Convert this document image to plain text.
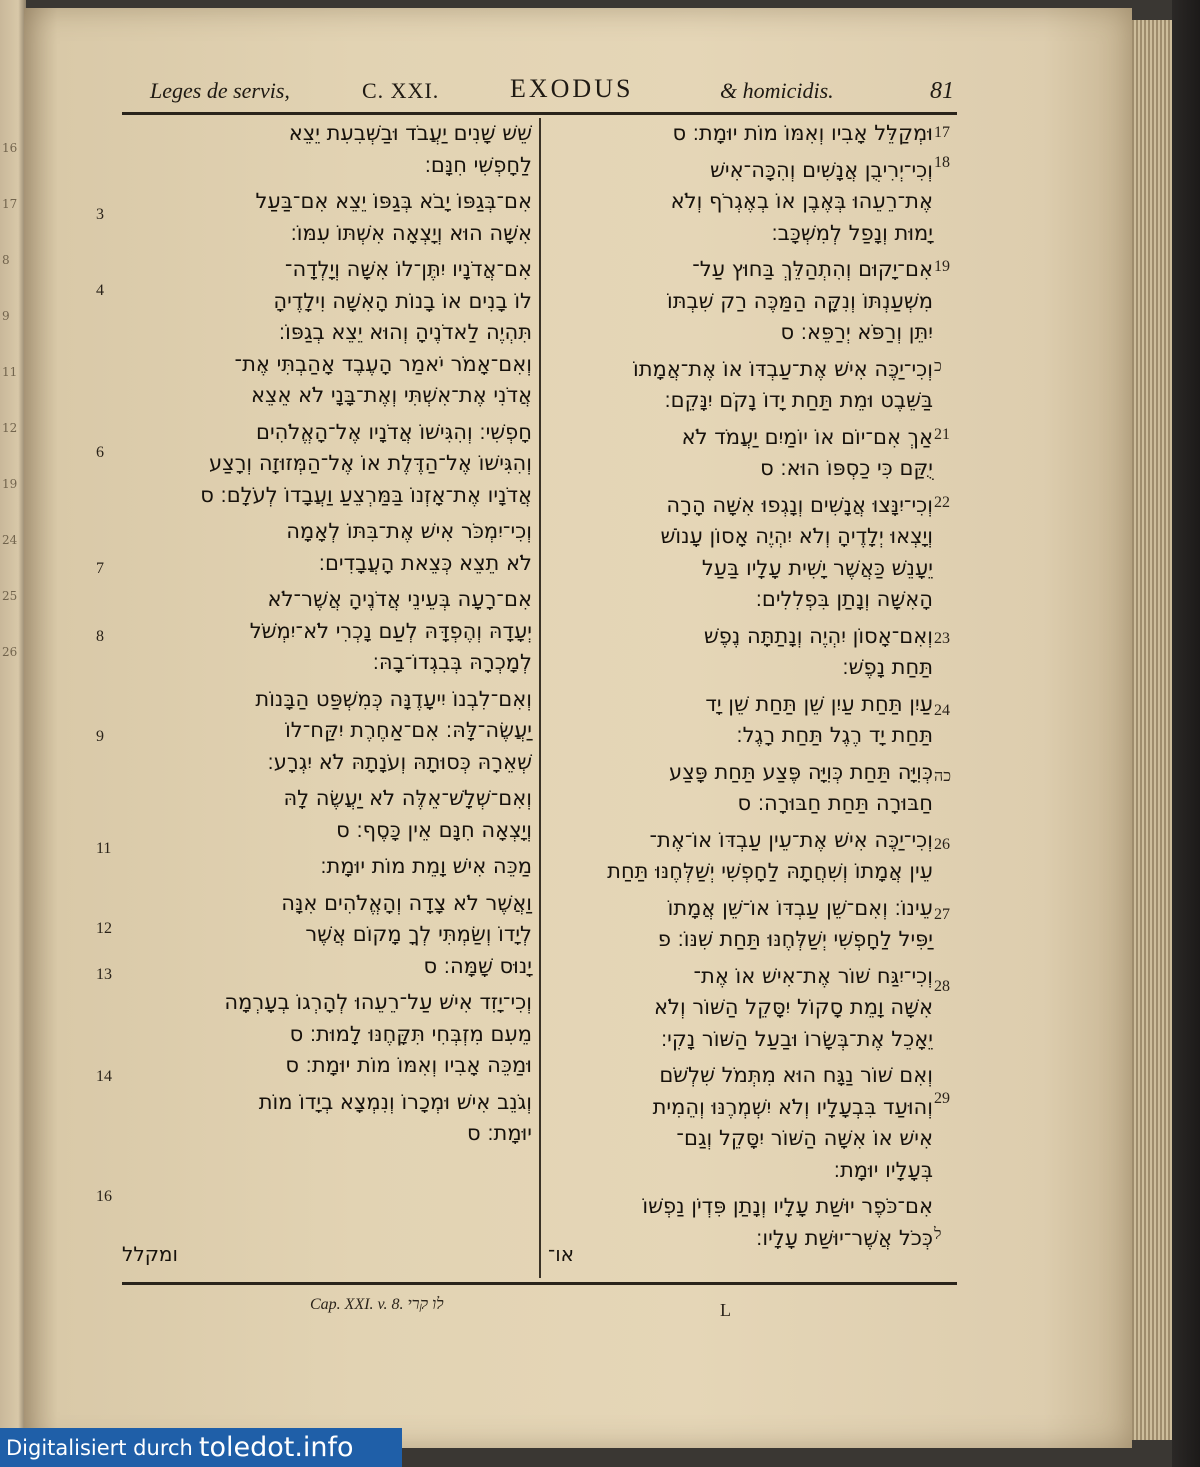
16
17
8
9
11
12
19
24
25
26
Leges de servis,	C. XXI.	EXODUS	& homicidis.	81

שֵׁשׁ שָׁנִים יַעֲבֹד וּבַשְּׁבִעִת יֵצֵא
לַחָפְשִׁי חִנָּם׃

אִם־בְּגַפּוֹ יָבֹא בְּגַפּוֹ יֵצֵא אִם־בַּעַל
אִשָּׁה הוּא וְיָצְאָה אִשְׁתּוֹ עִמּוֹ׃

אִם־אֲדֹנָיו יִתֶּן־לוֹ אִשָּׁה וְיָלְדָה־
לוֹ בָנִים אוֹ בָנוֹת הָאִשָּׁה וִילָדֶיהָ
תִּהְיֶה לַאדֹנֶיהָ וְהוּא יֵצֵא בְגַפּוֹ׃
וְאִם־אָמֹר יֹאמַר הָעֶבֶד אָהַבְתִּי אֶת־
אֲדֹנִי אֶת־אִשְׁתִּי וְאֶת־בָּנָי לֹא אֵצֵא

חָפְשִׁי׃ וְהִגִּישׁוֹ אֲדֹנָיו אֶל־הָאֱלֹהִים
וְהִגִּישׁוֹ אֶל־הַדֶּלֶת אוֹ אֶל־הַמְּזוּזָה וְרָצַע
אֲדֹנָיו אֶת־אָזְנוֹ בַּמַּרְצֵעַ וַעֲבָדוֹ לְעֹלָם׃ ס

וְכִי־יִמְכֹּר אִישׁ אֶת־בִּתּוֹ לְאָמָה
לֹא תֵצֵא כְּצֵאת הָעֲבָדִים׃

אִם־רָעָה בְּעֵינֵי אֲדֹנֶיהָ אֲשֶׁר־לֹא
יְעָדָהּ וְהֶפְדָּהּ לְעַם נָכְרִי לֹא־יִמְשֹׁל
לְמָכְרָהּ בְּבִגְדוֹ־בָהּ׃

וְאִם־לִבְנוֹ יִיעָדֶנָּה כְּמִשְׁפַּט הַבָּנוֹת
יַעֲשֶׂה־לָּהּ׃ אִם־אַחֶרֶת יִקַּח־לוֹ
שְׁאֵרָהּ כְּסוּתָהּ וְעֹנָתָהּ לֹא יִגְרָע׃

וְאִם־שְׁלָשׁ־אֵלֶּה לֹא יַעֲשֶׂה לָהּ
וְיָצְאָה חִנָּם אֵין כָּסֶף׃ ס

מַכֵּה אִישׁ וָמֵת מוֹת יוּמָת׃

וַאֲשֶׁר לֹא צָדָה וְהָאֱלֹהִים אִנָּה
לְיָדוֹ וְשַׂמְתִּי לְךָ מָקוֹם אֲשֶׁר
יָנוּס שָׁמָּה׃ ס

וְכִי־יָזִד אִישׁ עַל־רֵעֵהוּ לְהָרְגוֹ בְעָרְמָה
מֵעִם מִזְבְּחִי תִּקָּחֶנּוּ לָמוּת׃ ס
וּמַכֵּה אָבִיו וְאִמּוֹ מוֹת יוּמָת׃ ס

וְגֹנֵב אִישׁ וּמְכָרוֹ וְנִמְצָא בְיָדוֹ מוֹת
יוּמָת׃ ס

3
4
6
7
8
9
11
12
13
14
16

וּמְקַלֵּל אָבִיו וְאִמּוֹ מוֹת יוּמָת׃ ס

וְכִי־יְרִיבֻן אֲנָשִׁים וְהִכָּה־אִישׁ
אֶת־רֵעֵהוּ בְּאֶבֶן אוֹ בְאֶגְרֹף וְלֹא
יָמוּת וְנָפַל לְמִשְׁכָּב׃

אִם־יָקוּם וְהִתְהַלֵּךְ בַּחוּץ עַל־
מִשְׁעַנְתּוֹ וְנִקָּה הַמַּכֶּה רַק שִׁבְתּוֹ
יִתֵּן וְרַפֹּא יְרַפֵּא׃ ס

וְכִי־יַכֶּה אִישׁ אֶת־עַבְדּוֹ אוֹ אֶת־אֲמָתוֹ
בַּשֵּׁבֶט וּמֵת תַּחַת יָדוֹ נָקֹם יִנָּקֵם׃

אַךְ אִם־יוֹם אוֹ יוֹמַיִם יַעֲמֹד לֹא
יֻקַּם כִּי כַסְפּוֹ הוּא׃ ס

וְכִי־יִנָּצוּ אֲנָשִׁים וְנָגְפוּ אִשָּׁה הָרָה
וְיָצְאוּ יְלָדֶיהָ וְלֹא יִהְיֶה אָסוֹן עָנוֹשׁ
יֵעָנֵשׁ כַּאֲשֶׁר יָשִׁית עָלָיו בַּעַל
הָאִשָּׁה וְנָתַן בִּפְלִלִים׃

וְאִם־אָסוֹן יִהְיֶה וְנָתַתָּה נֶפֶשׁ
תַּחַת נָפֶשׁ׃

עַיִן תַּחַת עַיִן שֵׁן תַּחַת שֵׁן יָד
תַּחַת יָד רֶגֶל תַּחַת רָגֶל׃

כְּוִיָּה תַּחַת כְּוִיָּה פֶּצַע תַּחַת פָּצַע
חַבּוּרָה תַּחַת חַבּוּרָה׃ ס

וְכִי־יַכֶּה אִישׁ אֶת־עֵין עַבְדּוֹ אוֹ־אֶת־
עֵין אֲמָתוֹ וְשִׁחֲתָהּ לַחָפְשִׁי יְשַׁלְּחֶנּוּ תַּחַת

עֵינוֹ׃ וְאִם־שֵׁן עַבְדּוֹ אוֹ־שֵׁן אֲמָתוֹ
יַפִּיל לַחָפְשִׁי יְשַׁלְּחֶנּוּ תַּחַת שִׁנּוֹ׃ פ

וְכִי־יִגַּח שׁוֹר אֶת־אִישׁ אוֹ אֶת־
אִשָּׁה וָמֵת סָקוֹל יִסָּקֵל הַשּׁוֹר וְלֹא
יֵאָכֵל אֶת־בְּשָׂרוֹ וּבַעַל הַשּׁוֹר נָקִי׃

וְאִם שׁוֹר נַגָּח הוּא מִתְּמֹל שִׁלְשֹׁם
וְהוּעַד בִּבְעָלָיו וְלֹא יִשְׁמְרֶנּוּ וְהֵמִית
אִישׁ אוֹ אִשָּׁה הַשּׁוֹר יִסָּקֵל וְגַם־
בְּעָלָיו יוּמָת׃

אִם־כֹּפֶר יוּשַׁת עָלָיו וְנָתַן פִּדְיֹן נַפְשׁוֹ
כְּכֹל אֲשֶׁר־יוּשַׁת עָלָיו׃

17
18
19
כ
21
22
23
24
כה
26
27
28
29
ל
ומקלל	או־
Cap. XXI. v. 8. לו קרי	L
Digitalisiert durch toledot.info
